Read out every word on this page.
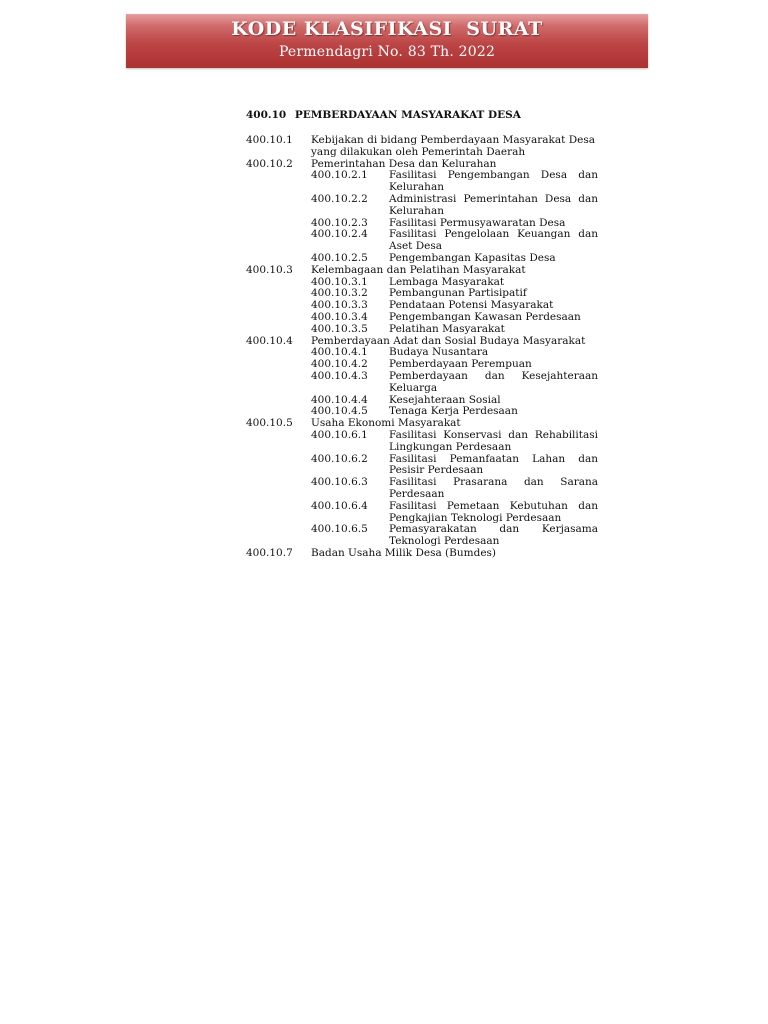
KODE KLASIFIKASI  SURAT
Permendagri No. 83 Th. 2022
400.10 PEMBERDAYAAN MASYARAKAT DESA
400.10.1	Kebijakan di bidang Pemberdayaan Masyarakat Desa yang dilakukan oleh Pemerintah Daerah
400.10.2	Pemerintahan Desa dan Kelurahan
400.10.2.1	Fasilitasi Pengembangan Desa dan Kelurahan
400.10.2.2	Administrasi Pemerintahan Desa dan Kelurahan
400.10.2.3	Fasilitasi Permusyawaratan Desa
400.10.2.4	Fasilitasi Pengelolaan Keuangan dan Aset Desa
400.10.2.5	Pengembangan Kapasitas Desa
400.10.3	Kelembagaan dan Pelatihan Masyarakat
400.10.3.1	Lembaga Masyarakat
400.10.3.2	Pembangunan Partisipatif
400.10.3.3	Pendataan Potensi Masyarakat
400.10.3.4	Pengembangan Kawasan Perdesaan
400.10.3.5	Pelatihan Masyarakat
400.10.4	Pemberdayaan Adat dan Sosial Budaya Masyarakat
400.10.4.1	Budaya Nusantara
400.10.4.2	Pemberdayaan Perempuan
400.10.4.3	Pemberdayaan dan Kesejahteraan Keluarga
400.10.4.4	Kesejahteraan Sosial
400.10.4.5	Tenaga Kerja Perdesaan
400.10.5	Usaha Ekonomi Masyarakat
400.10.6.1	Fasilitasi Konservasi dan Rehabilitasi Lingkungan Perdesaan
400.10.6.2	Fasilitasi Pemanfaatan Lahan dan Pesisir Perdesaan
400.10.6.3	Fasilitasi Prasarana dan Sarana Perdesaan
400.10.6.4	Fasilitasi Pemetaan Kebutuhan dan Pengkajian Teknologi Perdesaan
400.10.6.5	Pemasyarakatan dan Kerjasama Teknologi Perdesaan
400.10.7	Badan Usaha Milik Desa (Bumdes)
